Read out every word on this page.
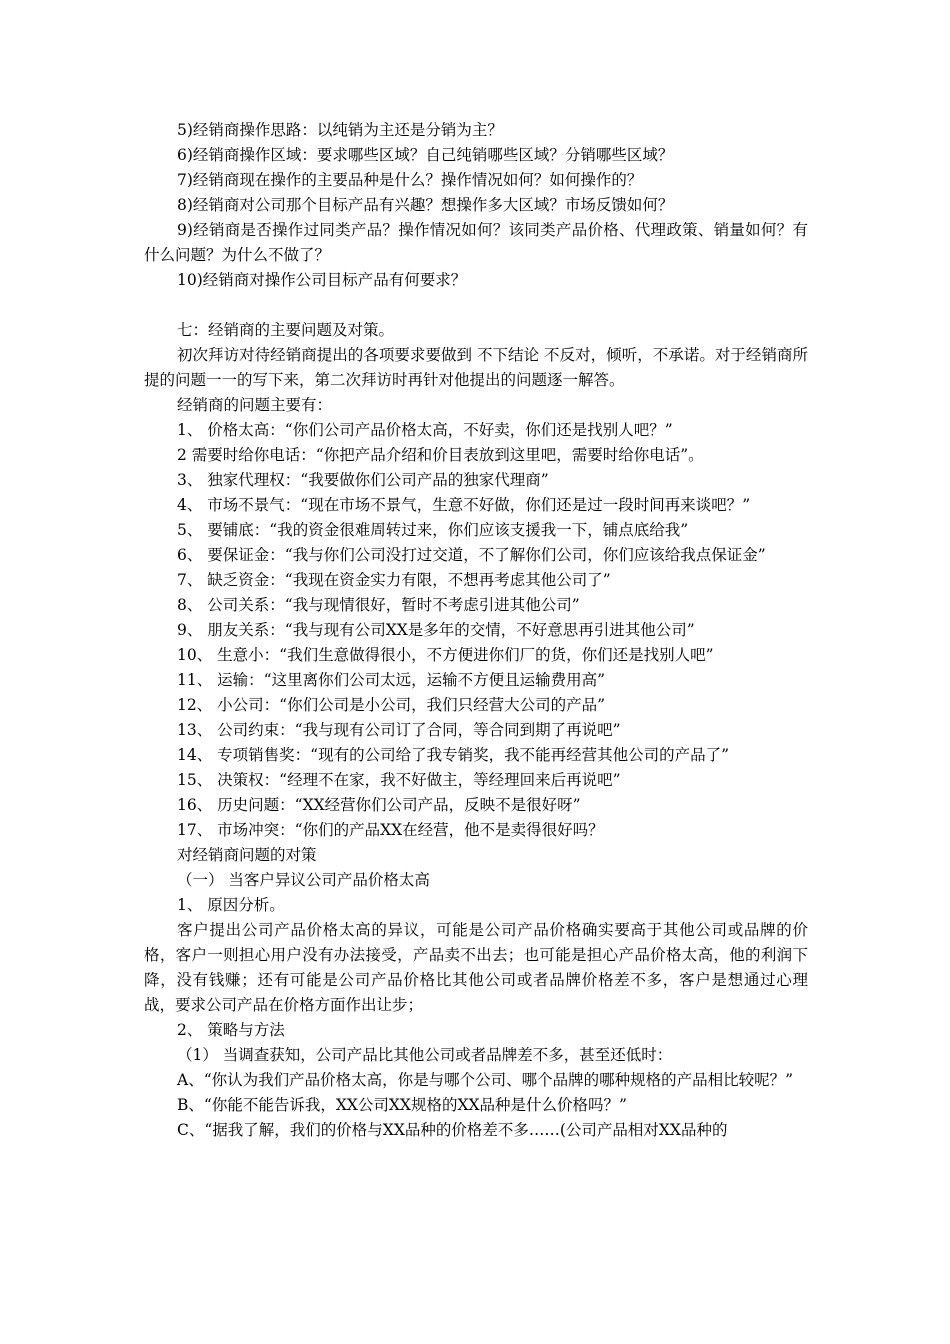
5)经销商操作思路：以纯销为主还是分销为主？

6)经销商操作区域：要求哪些区域？自己纯销哪些区域？分销哪些区域？

7)经销商现在操作的主要品种是什么？操作情况如何？如何操作的？

8)经销商对公司那个目标产品有兴趣？想操作多大区域？市场反馈如何？

9)经销商是否操作过同类产品？操作情况如何？该同类产品价格、代理政策、销量如何？有什么问题？为什么不做了？

10)经销商对操作公司目标产品有何要求？

七：经销商的主要问题及对策。

初次拜访对待经销商提出的各项要求要做到 不下结论 不反对，倾听，不承诺。对于经销商所提的问题一一的写下来，第二次拜访时再针对他提出的问题逐一解答。

经销商的问题主要有：

1、 价格太高：“你们公司产品价格太高，不好卖，你们还是找别人吧？”

2 需要时给你电话：“你把产品介绍和价目表放到这里吧，需要时给你电话”。

3、 独家代理权：“我要做你们公司产品的独家代理商”

4、 市场不景气：“现在市场不景气，生意不好做，你们还是过一段时间再来谈吧？”

5、 要铺底：“我的资金很难周转过来，你们应该支援我一下，铺点底给我”

6、 要保证金：“我与你们公司没打过交道，不了解你们公司，你们应该给我点保证金”

7、 缺乏资金：“我现在资金实力有限，不想再考虑其他公司了”

8、 公司关系：“我与现情很好，暂时不考虑引进其他公司”

9、 朋友关系：“我与现有公司XX是多年的交情，不好意思再引进其他公司”

10、 生意小：“我们生意做得很小，不方便进你们厂的货，你们还是找别人吧”

11、 运输：“这里离你们公司太远，运输不方便且运输费用高”

12、 小公司：“你们公司是小公司，我们只经营大公司的产品”

13、 公司约束：“我与现有公司订了合同，等合同到期了再说吧”

14、 专项销售奖：“现有的公司给了我专销奖，我不能再经营其他公司的产品了”

15、 决策权：“经理不在家，我不好做主，等经理回来后再说吧”

16、 历史问题：“XX经营你们公司产品，反映不是很好呀”

17、 市场冲突：“你们的产品XX在经营，他不是卖得很好吗？

对经销商问题的对策

（一） 当客户异议公司产品价格太高

1、 原因分析。

客户提出公司产品价格太高的异议，可能是公司产品价格确实要高于其他公司或品牌的价格，客户一则担心用户没有办法接受，产品卖不出去；也可能是担心产品价格太高，他的利润下降，没有钱赚；还有可能是公司产品价格比其他公司或者品牌价格差不多，客户是想通过心理战，要求公司产品在价格方面作出让步；

2、 策略与方法

（1） 当调查获知，公司产品比其他公司或者品牌差不多，甚至还低时：

A、“你认为我们产品价格太高，你是与哪个公司、哪个品牌的哪种规格的产品相比较呢？”

B、“你能不能告诉我，XX公司XX规格的XX品种是什么价格吗？”

C、“据我了解，我们的价格与XX品种的价格差不多……(公司产品相对XX品种的
